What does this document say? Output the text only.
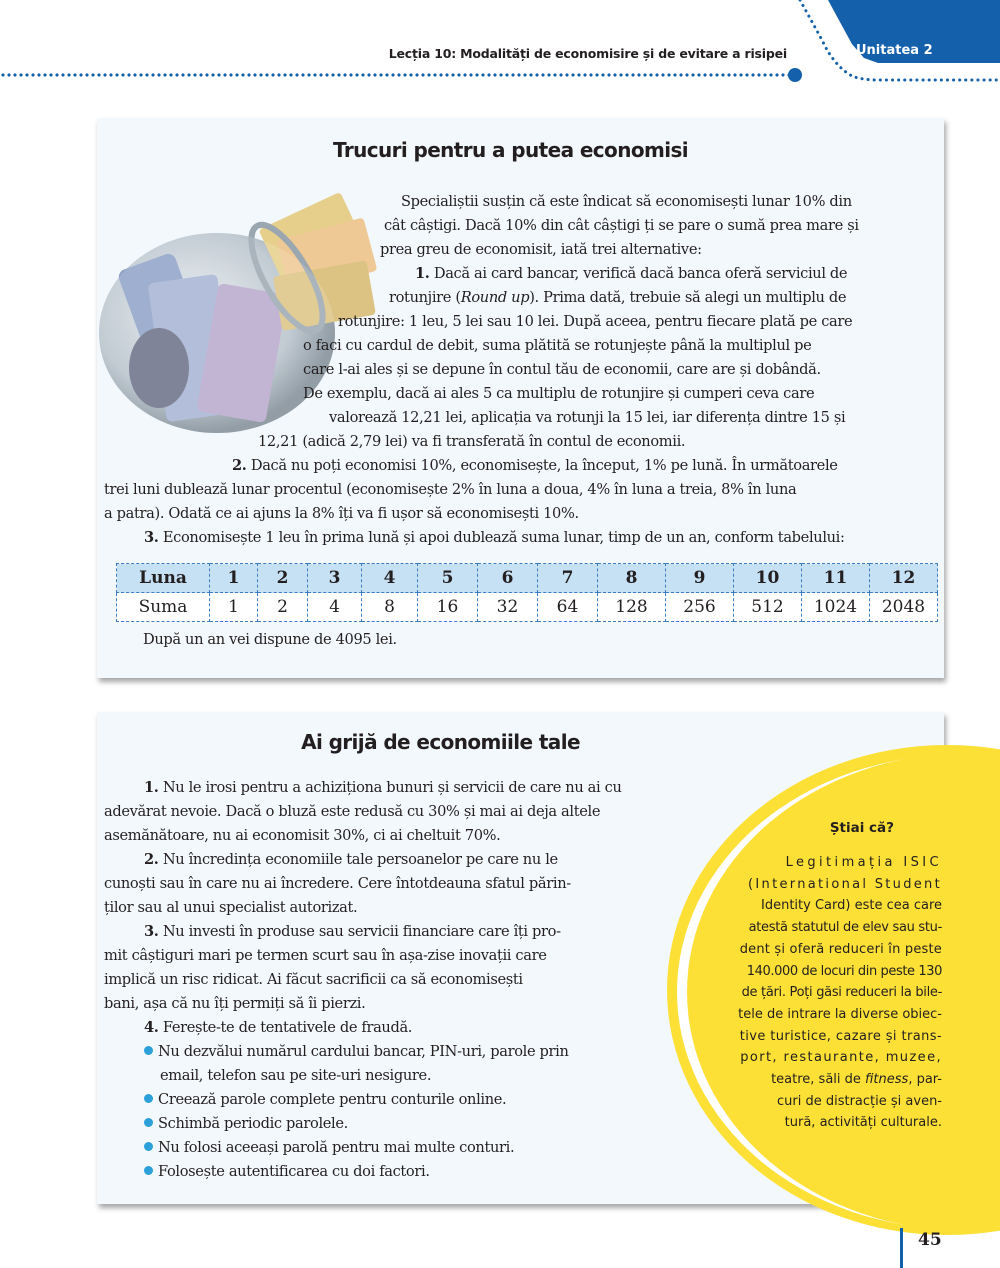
Unitatea 2
Lecția 10: Modalități de economisire și de evitare a risipei
Trucuri pentru a putea economisi
Specialiștii susțin că este îndicat să economisești lunar 10% din
cât câștigi. Dacă 10% din cât câștigi ți se pare o sumă prea mare și
prea greu de economisit, iată trei alternative:
1. Dacă ai card bancar, verifică dacă banca oferă serviciul de
rotunjire (Round up). Prima dată, trebuie să alegi un multiplu de
rotunjire: 1 leu, 5 lei sau 10 lei. După aceea, pentru fiecare plată pe care
o faci cu cardul de debit, suma plătită se rotunjește până la multiplul pe
care l-ai ales și se depune în contul tău de economii, care are și dobândă.
De exemplu, dacă ai ales 5 ca multiplu de rotunjire și cumperi ceva care
valorează 12,21 lei, aplicația va rotunji la 15 lei, iar diferența dintre 15 și
12,21 (adică 2,79 lei) va fi transferată în contul de economii.
2. Dacă nu poți economisi 10%, economisește, la început, 1% pe lună. În următoarele
trei luni dublează lunar procentul (economisește 2% în luna a doua, 4% în luna a treia, 8% în luna
a patra). Odată ce ai ajuns la 8% îți va fi ușor să economisești 10%.
3. Economisește 1 leu în prima lună și apoi dublează suma lunar, timp de un an, conform tabelului:
Luna	1	2	3	4	5	6	7	8	9	10	11	12
Suma	1	2	4	8	16	32	64	128	256	512	1024	2048
După un an vei dispune de 4095 lei.
Ai grijă de economiile tale
1. Nu le irosi pentru a achiziționa bunuri și servicii de care nu ai cu
adevărat nevoie. Dacă o bluză este redusă cu 30% și mai ai deja altele
asemănătoare, nu ai economisit 30%, ci ai cheltuit 70%.
2. Nu încredința economiile tale persoanelor pe care nu le
cunoști sau în care nu ai încredere. Cere întotdeauna sfatul părin-
ților sau al unui specialist autorizat.
3. Nu investi în produse sau servicii financiare care îți pro-
mit câștiguri mari pe termen scurt sau în așa-zise inovații care
implică un risc ridicat. Ai făcut sacrificii ca să economisești
bani, așa că nu îți permiți să îi pierzi.
4. Ferește-te de tentativele de fraudă.
Nu dezvălui numărul cardului bancar, PIN-uri, parole prin
email, telefon sau pe site-uri nesigure.
Creează parole complete pentru conturile online.
Schimbă periodic parolele.
Nu folosi aceeași parolă pentru mai multe conturi.
Folosește autentificarea cu doi factori.
Știai că?
Legitimația ISIC
(International Student
Identity Card) este cea care
atestă statutul de elev sau stu-
dent și oferă reduceri în peste
140.000 de locuri din peste 130
de țări. Poți găsi reduceri la bile-
tele de intrare la diverse obiec-
tive turistice, cazare și trans-
port, restaurante, muzee,
teatre, săli de fitness, par-
curi de distracție și aven-
tură, activități culturale.
45
